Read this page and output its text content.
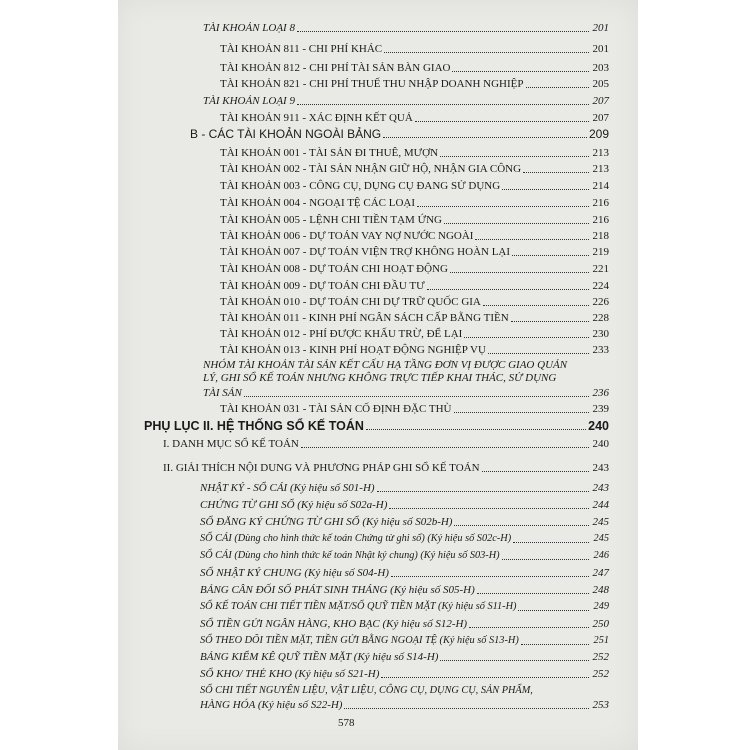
TÀI KHOẢN LOẠI 8	201
TÀI KHOẢN 811 - CHI PHÍ KHÁC	201
TÀI KHOẢN 812 - CHI PHÍ TÀI SẢN BÀN GIAO	203
TÀI KHOẢN 821 - CHI PHÍ THUẾ THU NHẬP DOANH NGHIỆP	205
TÀI KHOẢN LOẠI 9	207
TÀI KHOẢN 911 - XÁC ĐỊNH KẾT QUẢ	207
B - CÁC TÀI KHOẢN NGOÀI BẢNG	209
TÀI KHOẢN 001 - TÀI SẢN ĐI THUÊ, MƯỢN	213
TÀI KHOẢN 002 - TÀI SẢN NHẬN GIỮ HỘ, NHẬN GIA CÔNG	213
TÀI KHOẢN 003 - CÔNG CỤ, DỤNG CỤ ĐANG SỬ DỤNG	214
TÀI KHOẢN 004 - NGOẠI TỆ CÁC LOẠI	216
TÀI KHOẢN 005 - LỆNH CHI TIỀN TẠM ỨNG	216
TÀI KHOẢN 006 - DỰ TOÁN VAY NỢ NƯỚC NGOÀI	218
TÀI KHOẢN 007 - DỰ TOÁN VIỆN TRỢ KHÔNG HOÀN LẠI	219
TÀI KHOẢN 008 - DỰ TOÁN CHI HOẠT ĐỘNG	221
TÀI KHOẢN 009 - DỰ TOÁN CHI ĐẦU TƯ	224
TÀI KHOẢN 010 - DỰ TOÁN CHI DỰ TRỮ QUỐC GIA	226
TÀI KHOẢN 011 - KINH PHÍ NGÂN SÁCH CẤP BẰNG TIỀN	228
TÀI KHOẢN 012 - PHÍ ĐƯỢC KHẤU TRỪ, ĐỂ LẠI	230
TÀI KHOẢN 013 - KINH PHÍ HOẠT ĐỘNG NGHIỆP VỤ	233
NHÓM TÀI KHOẢN TÀI SẢN KẾT CẤU HẠ TẦNG ĐƠN VỊ ĐƯỢC GIAO QUẢN
LÝ, GHI SỔ KẾ TOÁN NHƯNG KHÔNG TRỰC TIẾP KHAI THÁC, SỬ DỤNG
TÀI SẢN	236
TÀI KHOẢN 031 - TÀI SẢN CỐ ĐỊNH ĐẶC THÙ	239
PHỤ LỤC II. HỆ THỐNG SỔ KẾ TOÁN	240
I. DANH MỤC SỔ KẾ TOÁN	240
II. GIẢI THÍCH NỘI DUNG VÀ PHƯƠNG PHÁP GHI SỔ KẾ TOÁN	243
NHẬT KÝ - SỔ CÁI (Ký hiệu số S01-H)	243
CHỨNG TỪ GHI SỔ (Ký hiệu số S02a-H)	244
SỔ ĐĂNG KÝ CHỨNG TỪ GHI SỔ (Ký hiệu số S02b-H)	245
SỔ CÁI (Dùng cho hình thức kế toán Chứng từ ghi sổ) (Ký hiệu số S02c-H)	245
SỔ CÁI (Dùng cho hình thức kế toán Nhật ký chung) (Ký hiệu số S03-H)	246
SỔ NHẬT KÝ CHUNG (Ký hiệu số S04-H)	247
BẢNG CÂN ĐỐI SỐ PHÁT SINH THÁNG (Ký hiệu số S05-H)	248
SỔ KẾ TOÁN CHI TIẾT TIỀN MẶT/SỔ QUỸ TIỀN MẶT (Ký hiệu số S11-H)	249
SỔ TIỀN GỬI NGÂN HÀNG, KHO BẠC (Ký hiệu số S12-H)	250
SỔ THEO DÕI TIỀN MẶT, TIỀN GỬI BẰNG NGOẠI TỆ (Ký hiệu số S13-H)	251
BẢNG KIỂM KÊ QUỸ TIỀN MẶT (Ký hiệu số S14-H)	252
SỔ KHO/ THẺ KHO (Ký hiệu số S21-H)	252
SỔ CHI TIẾT NGUYÊN LIỆU, VẬT LIỆU, CÔNG CỤ, DỤNG CỤ, SẢN PHẨM,
HÀNG HÓA (Ký hiệu số S22-H)	253
578
